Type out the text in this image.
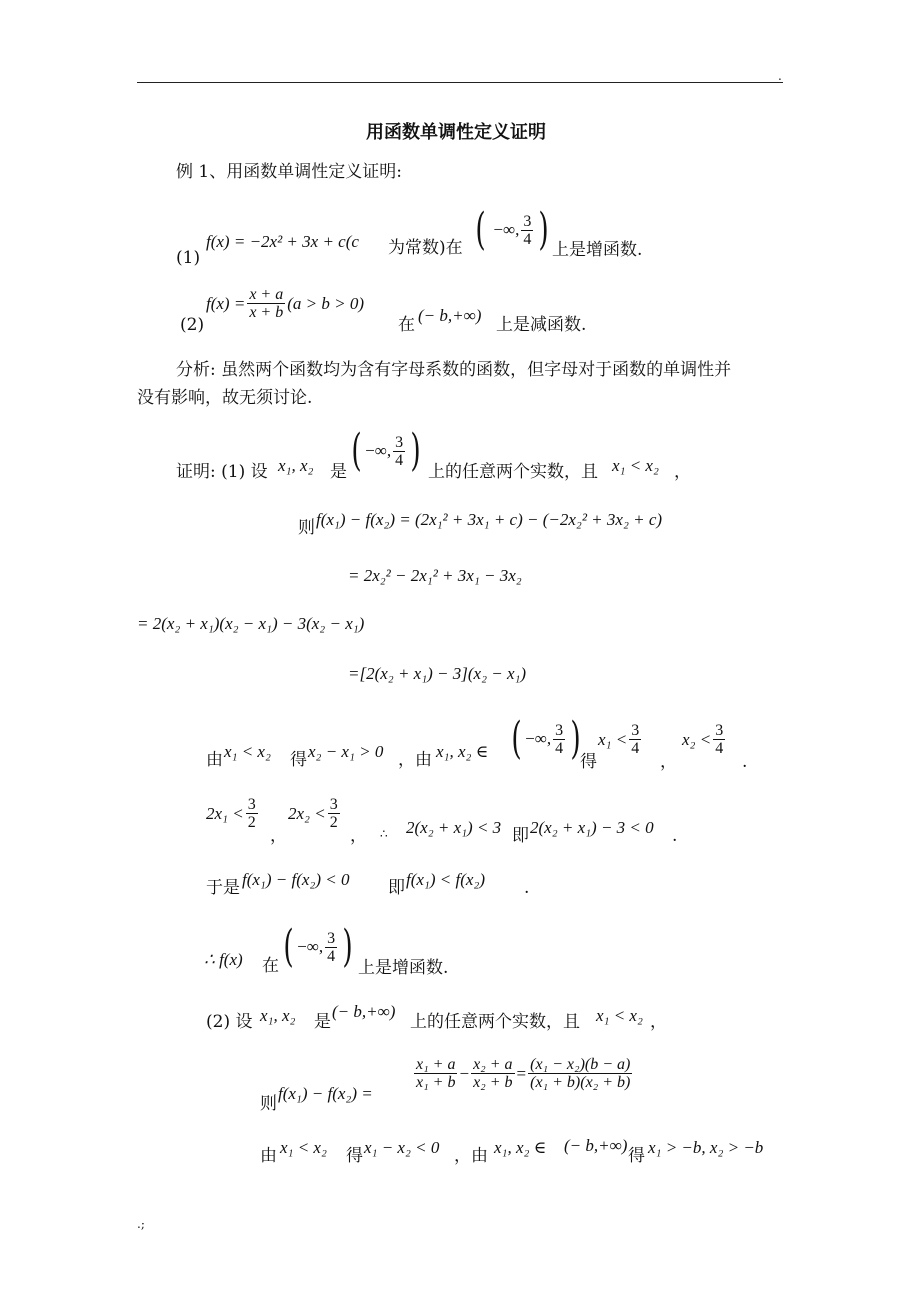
.
用函数单调性定义证明
例 1、用函数单调性定义证明:
(1)
f(x) = −2x² + 3x + c(c 为常数)在 (
−∞, $\frac{3}{4}$ ) 上是增函数.
(2)
$f(x) = \frac{x + a}{x + b} (a > b > 0)$
在 (− b,+∞) 上是减函数.
分析: 虽然两个函数均为含有字母系数的函数，但字母对于函数的单调性并
没有影响，故无须讨论.
证明: (1) 设 x₁, x₂ 是 ( −∞, $\frac{3}{4}$ ) 上的任意两个实数，且 x₁ < x₂ ，
则 f(x₁) − f(x₂) = (2x₁² + 3x₁ + c) − (−2x₂² + 3x₂ + c)
= 2x₂² − 2x₁² + 3x₁ − 3x₂
= 2(x₂ + x₁)(x₂ − x₁) − 3(x₂ − x₁)
=[2(x₂ + x₁) − 3](x₂ − x₁)
由 x₁ < x₂ 得 x₂ − x₁ > 0 ，由 x₁, x₂ ∈ ( −∞, $\frac{3}{4}$ ) 得
$x_1 < \frac{3}{4}$
，
$x_2 < \frac{3}{4}$
.
$2x_1 < \frac{3}{2}$
，
$2x_2 < \frac{3}{2}$
， ∴ 2(x₂ + x₁) < 3 即 2(x₂ + x₁) − 3 < 0 .
于是 f(x₁) − f(x₂) < 0 即 f(x₁) < f(x₂) .
∴ f(x) 在 ( −∞, $\frac{3}{4}$ ) 上是增函数.
(2) 设 x₁, x₂ 是
(− b,+∞)
上的任意两个实数，且 x₁ < x₂ ，
则
f(x₁) − f(x₂) =
$\frac{\text{x₁ + a}}{\text{x₁ + b}} - \frac{\text{x₂ + a}}{\text{x₂ + b}} = \frac{\text{(x₁ − x₂)(b − a)}}{\text{(x₁ + b)(x₂ + b)}}$
由 x₁ < x₂ 得 x₁ − x₂ < 0 ，由 x₁, x₂ ∈ (− b,+∞)
得 x₁ > −b, x₂ > −b
.;
